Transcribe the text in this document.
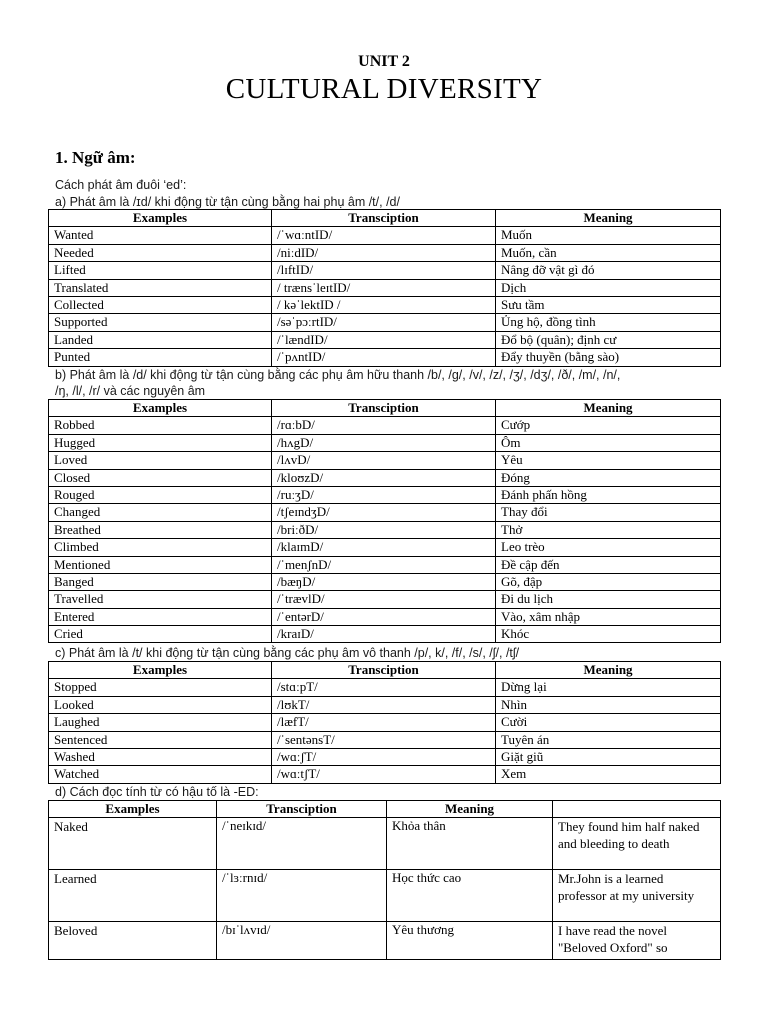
UNIT 2
CULTURAL DIVERSITY
1. Ngữ âm:
Cách phát âm đuôi ‘ed’:
a) Phát âm là /ɪd/ khi động từ tận cùng bằng hai phụ âm /t/, /d/
Examples	Transciption	Meaning
Wanted	/ˈwɑːntID/	Muốn
Needed	/niːdID/	Muốn, cần
Lifted	/lɪftID/	Nâng đỡ vật gì đó
Translated	/ trænsˈleɪtID/	Dịch
Collected	/ kəˈlektID /	Sưu tầm
Supported	/səˈpɔːrtID/	Ủng hộ, đồng tình
Landed	/ˈlændID/	Đổ bộ (quân); định cư
Punted	/ˈpʌntID/	Đẩy thuyền (bằng sào)
b) Phát âm là /d/ khi động từ tận cùng bằng các phụ âm hữu thanh /b/, /g/, /v/, /z/, /ʒ/, /dʒ/, /ð/, /m/, /n/,
/ŋ, /l/, /r/ và các nguyên âm
Examples	Transciption	Meaning
Robbed	/rɑːbD/	Cướp
Hugged	/hʌgD/	Ôm
Loved	/lʌvD/	Yêu
Closed	/kloʊzD/	Đóng
Rouged	/ruːʒD/	Đánh phấn hồng
Changed	/tʃeɪndʒD/	Thay đổi
Breathed	/briːðD/	Thở
Climbed	/klaɪmD/	Leo trèo
Mentioned	/ˈmenʃnD/	Đề cập đến
Banged	/bæŋD/	Gõ, đập
Travelled	/ˈtrævlD/	Đi du lịch
Entered	/ˈentərD/	Vào, xâm nhập
Cried	/kraɪD/	Khóc
c) Phát âm là /t/ khi động từ tận cùng bằng các phụ âm vô thanh /p/, k/, /f/, /s/, /ʃ/, /tʃ/
Examples	Transciption	Meaning
Stopped	/stɑːpT/	Dừng lại
Looked	/lʊkT/	Nhìn
Laughed	/læfT/	Cười
Sentenced	/ˈsentənsT/	Tuyên án
Washed	/wɑːʃT/	Giặt giũ
Watched	/wɑːtʃT/	Xem
d) Cách đọc tính từ có hậu tố là -ED:
Examples	Transciption	Meaning	
Naked	/ˈneɪkɪd/	Khỏa thân	They found him half naked and bleeding to death
Learned	/ˈlɜːrnɪd/	Học thức cao	Mr.John is a learned professor at my university
Beloved	/bɪˈlʌvɪd/	Yêu thương	I have read the novel "Beloved Oxford" so
